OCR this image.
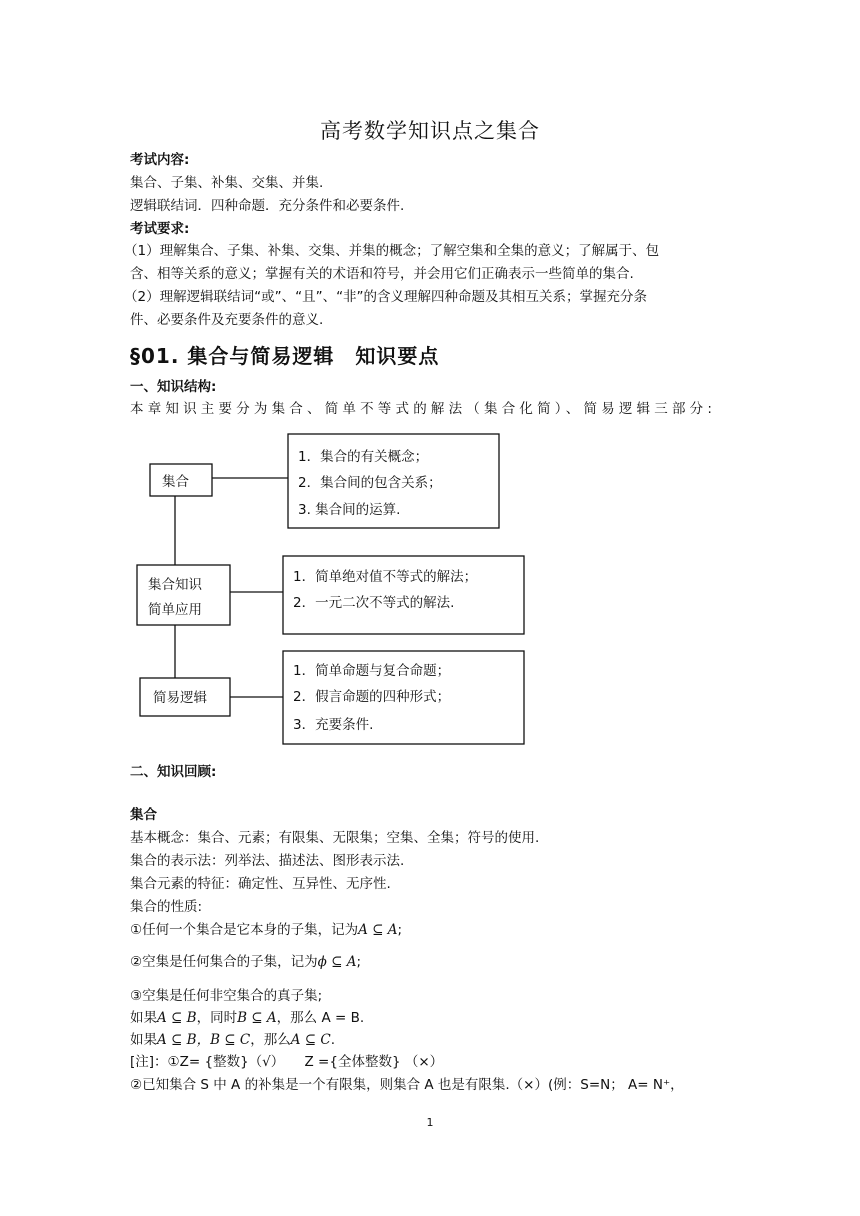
高考数学知识点之集合
考试内容:
集合、子集、补集、交集、并集.
逻辑联结词．四种命题．充分条件和必要条件.
考试要求:
（1）理解集合、子集、补集、交集、并集的概念；了解空集和全集的意义；了解属于、包
含、相等关系的意义；掌握有关的术语和符号，并会用它们正确表示一些简单的集合.
（2）理解逻辑联结词“或”、“且”、“非”的含义理解四种命题及其相互关系；掌握充分条
件、必要条件及充要条件的意义.
§01. 集合与简易逻辑　知识要点
一、知识结构:
本章知识主要分为集合、简单不等式的解法（集合化简）、简易逻辑三部分:
集合
集合知识
简单应用
简易逻辑
1．集合的有关概念；
2．集合间的包含关系；
3. 集合间的运算.
1．简单绝对值不等式的解法；
2．一元二次不等式的解法.
1．简单命题与复合命题；
2．假言命题的四种形式；
3．充要条件.
二、知识回顾:
集合
基本概念：集合、元素；有限集、无限集；空集、全集；符号的使用.
集合的表示法：列举法、描述法、图形表示法.
集合元素的特征：确定性、互异性、无序性.
集合的性质:
①任何一个集合是它本身的子集，记为A ⊆ A;
②空集是任何集合的子集，记为ϕ ⊆ A;
③空集是任何非空集合的真子集;
如果A ⊆ B，同时B ⊆ A，那么 A = B.
如果A ⊆ B，B ⊆ C，那么A ⊆ C.
[注]：①Z= {整数}（√）　　Z ={全体整数} （×）
②已知集合 S 中 A 的补集是一个有限集，则集合 A 也是有限集.（×）(例：S=N； A= N⁺，
1
